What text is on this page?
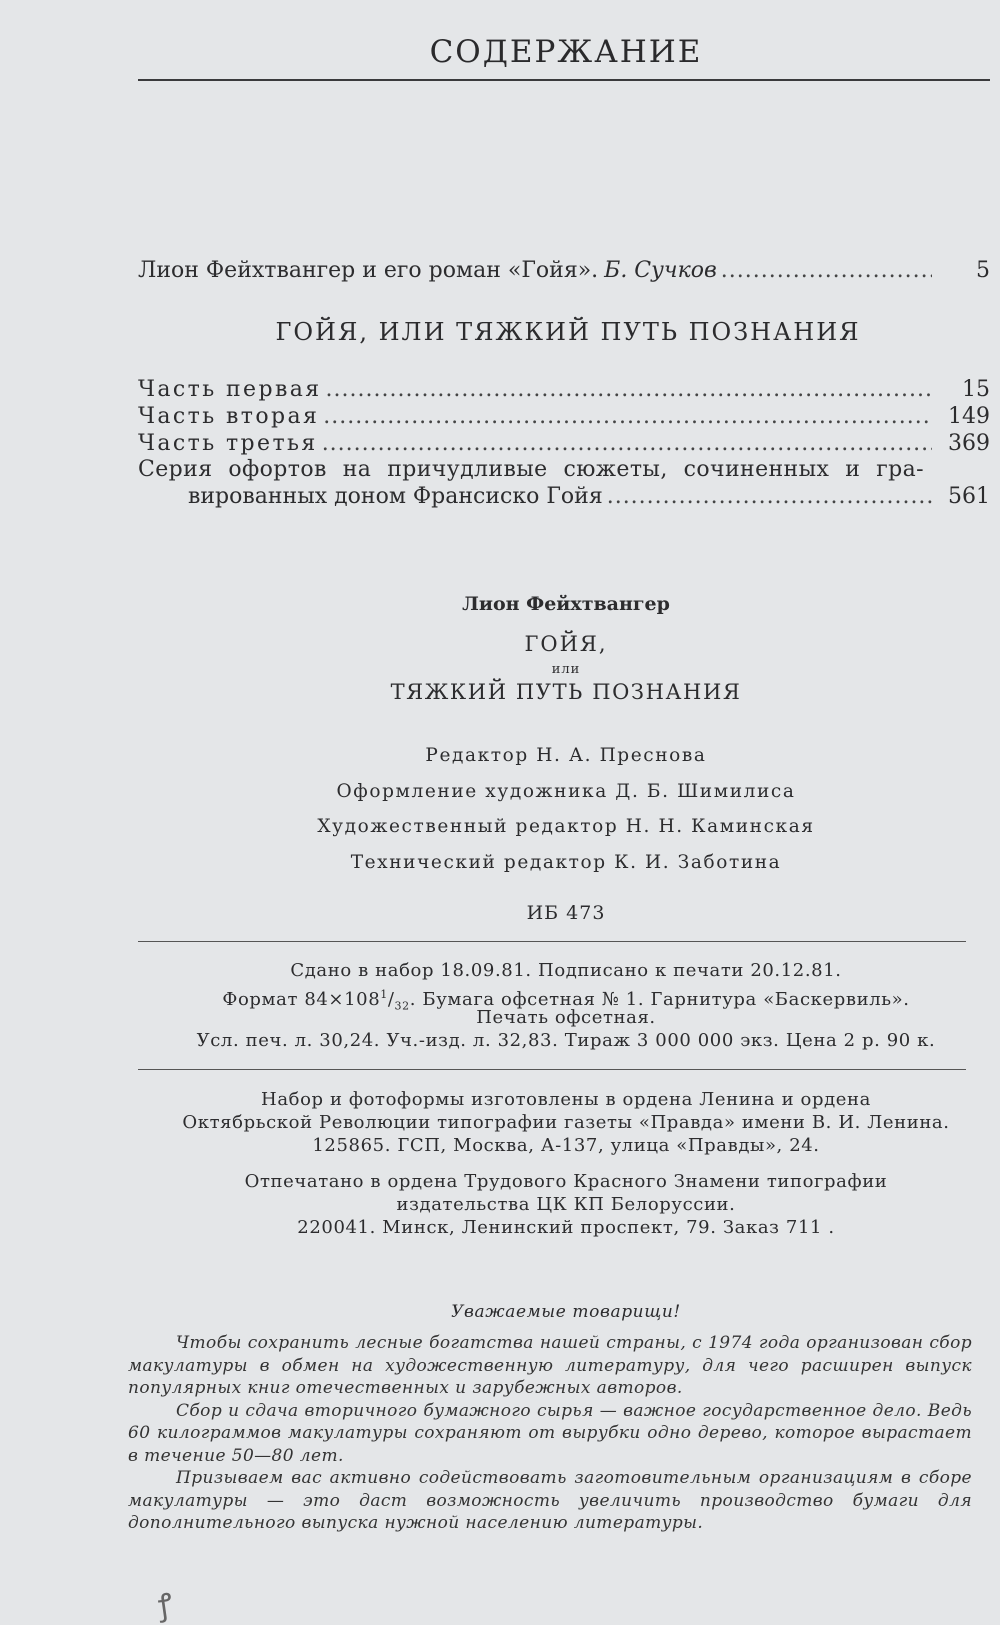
СОДЕРЖАНИЕ
Лион Фейхтвангер и его роман «Гойя». Б. Сучков .....	5
ГОЙЯ, ИЛИ ТЯЖКИЙ ПУТЬ ПОЗНАНИЯ
Часть первая .....	15
Часть вторая .....	149
Часть третья .....	369
Серия офортов на причудливые сюжеты, сочиненных и гра-
вированных доном Франсиско Гойя .....	561
Лион Фейхтвангер
ГОЙЯ,
или
ТЯЖКИЙ ПУТЬ ПОЗНАНИЯ
Редактор Н. А. Преснова
Оформление художника Д. Б. Шимилиса
Художественный редактор Н. Н. Каминская
Технический редактор К. И. Заботина
ИБ 473
Сдано в набор 18.09.81. Подписано к печати 20.12.81.
Формат $84\times 108^1/_{32}$. Бумага офсетная № 1. Гарнитура «Баскервиль».
Печать офсетная.
Усл. печ. л. 30,24. Уч.-изд. л. 32,83. Тираж 3 000 000 экз. Цена 2 р. 90 к.
Набор и фотоформы изготовлены в ордена Ленина и ордена
Октябрьской Революции типографии газеты «Правда» имени В. И. Ленина.
125865. ГСП, Москва, А-137, улица «Правды», 24.
Отпечатано в ордена Трудового Красного Знамени типографии
издательства ЦК КП Белоруссии.
220041. Минск, Ленинский проспект, 79. Заказ 711 .
Уважаемые товарищи!

Чтобы сохранить лесные богатства нашей страны, с 1974 года организован сбор макулатуры в обмен на художественную литературу, для чего расширен выпуск популярных книг отечественных и зарубежных авторов.

Сбор и сдача вторичного бумажного сырья — важное государственное дело. Ведь 60 килограммов макулатуры сохраняют от вырубки одно дерево, которое вырастает в течение 50—80 лет.

Призываем вас активно содействовать заготовительным организациям в сборе макулатуры — это даст возможность увеличить производство бумаги для дополнительного выпуска нужной населению литературы.

ꝭ
